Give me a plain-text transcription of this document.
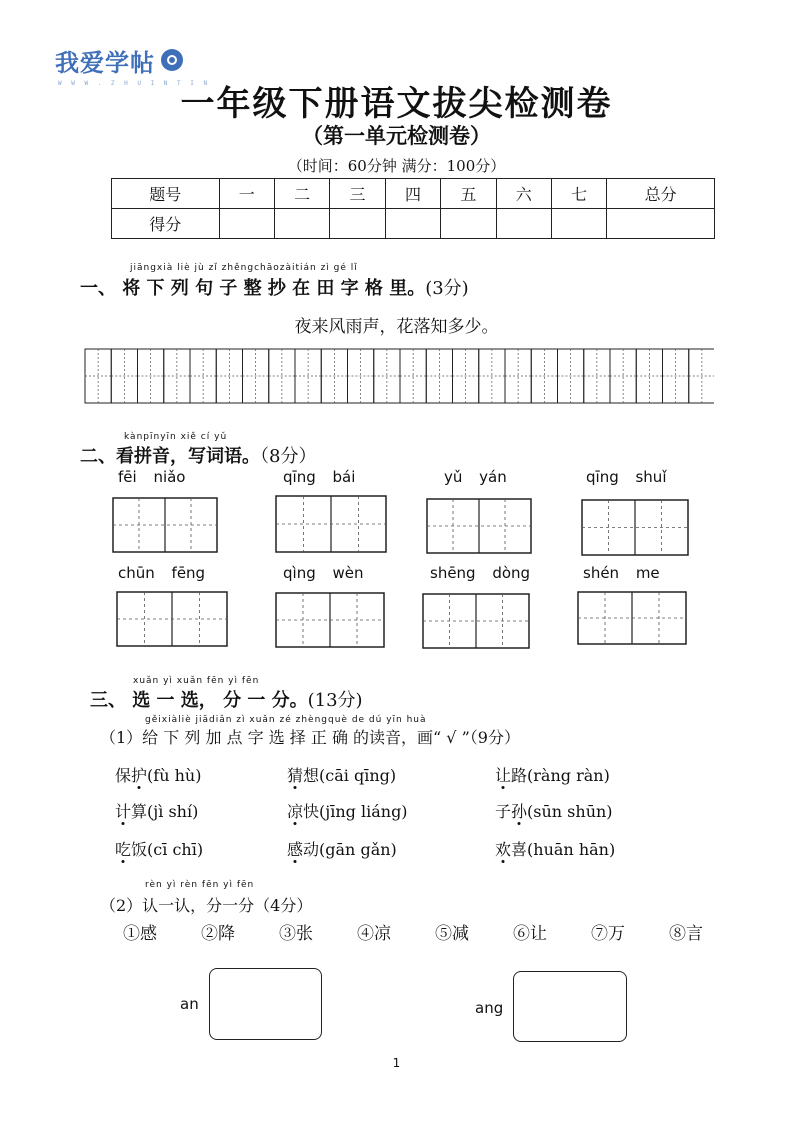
我爱学帖
W W W . Z H U I N T I N
一年级下册语文拔尖检测卷
（第一单元检测卷）
（时间：60分钟 满分：100分）
题号	一	二	三	四	五	六	七	总分
得分								
jiāngxià liè jù zǐ zhěngchāozàitián zì gé lǐ
一、 将 下 列 句 子 整 抄 在 田 字 格 里。(3分)
夜来风雨声，花落知多少。
kànpīnyīn xiě cí yǔ
二、看拼音，写词语。（8分）
fēi niǎo	qīng bái	yǔ yán	qīng shuǐ
chūn fēng	qìng wèn	shēng dòng	shén me
xuǎn yì xuǎn fēn yì fēn
三、 选 一 选， 分 一 分。(13分)
gěixiàliè jiādiǎn zì xuǎn zé zhèngquè de dú yīn huà
（1）给 下 列 加 点 字 选 择 正 确 的读音，画“ √ ”（9分）
保护(fù hù)	猜想(cāi qīng)	让路(ràng ràn)
计算(jì shí)	凉快(jīng liáng)	子孙(sūn shūn)
吃饭(cī chī)	感动(gān gǎn)	欢喜(huān hān)
rèn yì rèn fēn yì fēn
（2）认一认，分一分（4分）
①感	②降	③张	④凉	⑤减	⑥让	⑦万	⑧言
an	ang
1
